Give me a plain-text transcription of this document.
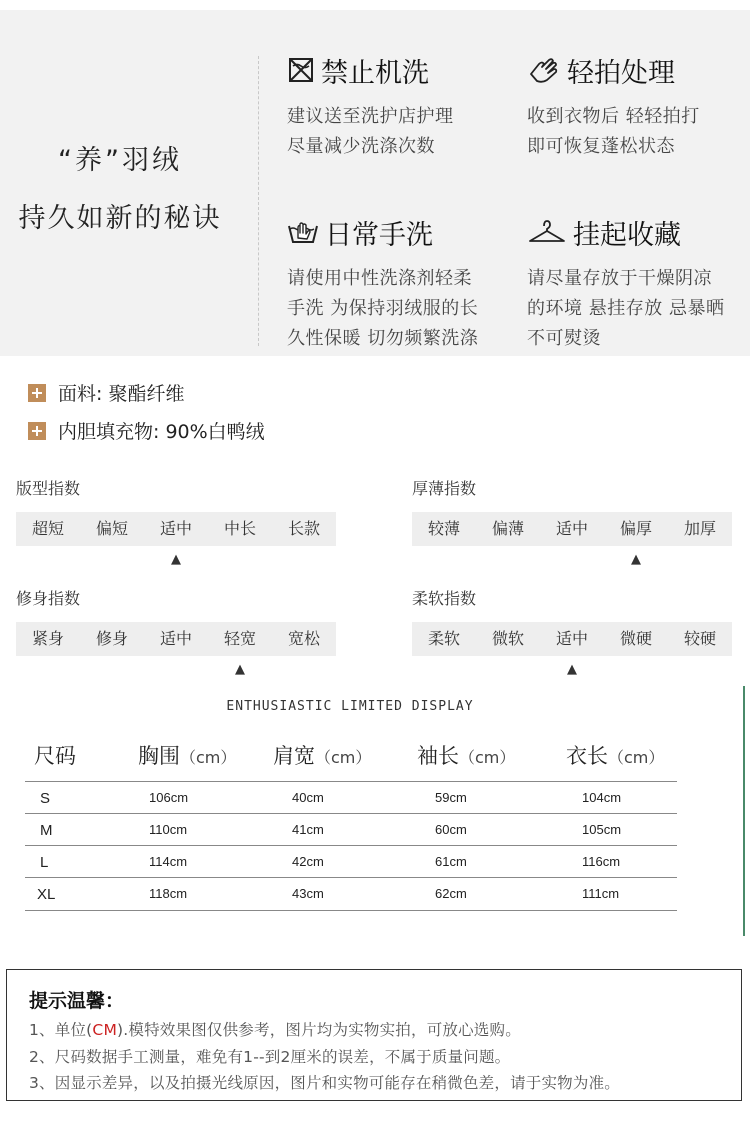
“养”羽绒
持久如新的秘诀
禁止机洗
建议送至洗护店护理
尽量减少洗涤次数
轻拍处理
收到衣物后 轻轻拍打
即可恢复蓬松状态
日常手洗
请使用中性洗涤剂轻柔
手洗 为保持羽绒服的长
久性保暖 切勿频繁洗涤
挂起收藏
请尽量存放于干燥阴凉
的环境 悬挂存放 忌暴晒
不可熨烫
面料: 聚酯纤维
内胆填充物: 90%白鸭绒
版型指数
超短	偏短	适中	中长	长款
▲
厚薄指数
较薄	偏薄	适中	偏厚	加厚
▲
修身指数
紧身	修身	适中	轻宽	宽松
▲
柔软指数
柔软	微软	适中	微硬	较硬
▲
ENTHUSIASTIC LIMITED DISPLAY
尺码	胸围（cm） 肩宽（cm） 袖长（cm） 衣长（cm）
S	106cm	40cm	59cm	104cm
M	110cm	41cm	60cm	105cm
L	114cm	42cm	61cm	116cm
XL	118cm	43cm	62cm	111cm
提示温馨：
1、单位(CM).模特效果图仅供参考，图片均为实物实拍，可放心选购。
2、尺码数据手工测量，难免有1--到2厘米的误差，不属于质量问题。
3、因显示差异，以及拍摄光线原因，图片和实物可能存在稍微色差，请于实物为准。
